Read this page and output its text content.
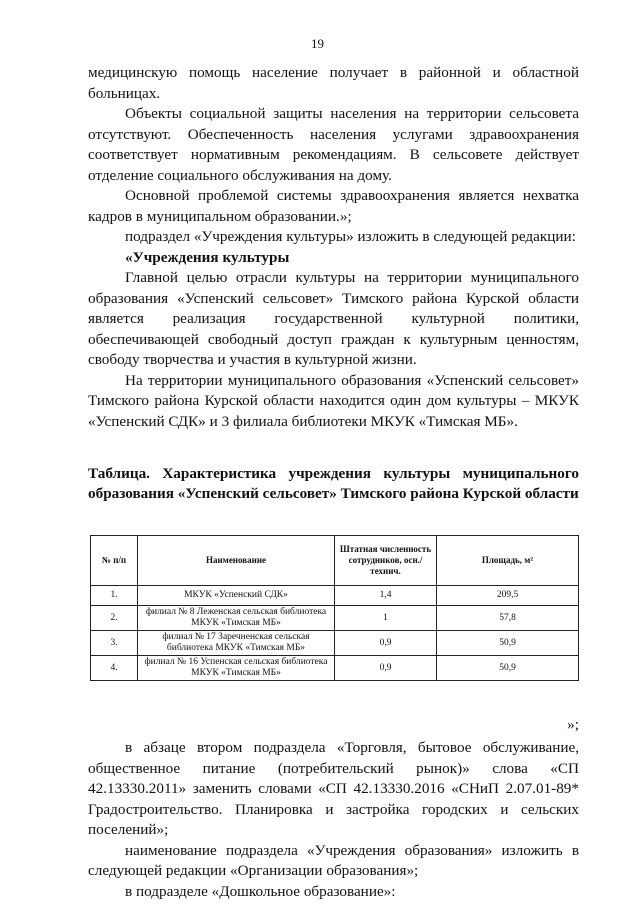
19

медицинскую помощь население получает в районной и областной больницах.

Объекты социальной защиты населения на территории сельсовета отсутствуют. Обеспеченность населения услугами здравоохранения соответствует нормативным рекомендациям. В сельсовете действует отделение социального обслуживания на дому.

Основной проблемой системы здравоохранения является нехватка кадров в муниципальном образовании.»;

подраздел «Учреждения культуры» изложить в следующей редакции:

«Учреждения культуры

Главной целью отрасли культуры на территории муниципального образования «Успенский сельсовет» Тимского района Курской области является реализация государственной культурной политики, обеспечивающей свободный доступ граждан к культурным ценностям, свободу творчества и участия в культурной жизни.

На территории муниципального образования «Успенский сельсовет» Тимского района Курской области находится один дом культуры – МКУК «Успенский СДК» и 3 филиала библиотеки МКУК «Тимская МБ».

Таблица. Характеристика учреждения культуры муниципального образования «Успенский сельсовет» Тимского района Курской области
№ п/п	Наименование	Штатная численность сотрудников, осн./технич.	Площадь, м²
1.	МКУК «Успенский СДК»	1,4	209,5
2.	филиал № 8 Леженская сельская библиотека МКУК «Тимская МБ»	1	57,8
3.	филиал № 17 Заречненская сельская библиотека МКУК «Тимская МБ»	0,9	50,9
4.	филиал № 16 Успенская сельская библиотека МКУК «Тимская МБ»	0,9	50,9
»;

в абзаце втором подраздела «Торговля, бытовое обслуживание, общественное питание (потребительский рынок)» слова «СП 42.13330.2011» заменить словами «СП 42.13330.2016 «СНиП 2.07.01-89* Градостроительство. Планировка и застройка городских и сельских поселений»;

наименование подраздела «Учреждения образования» изложить в следующей редакции «Организации образования»;

в подразделе «Дошкольное образование»:
